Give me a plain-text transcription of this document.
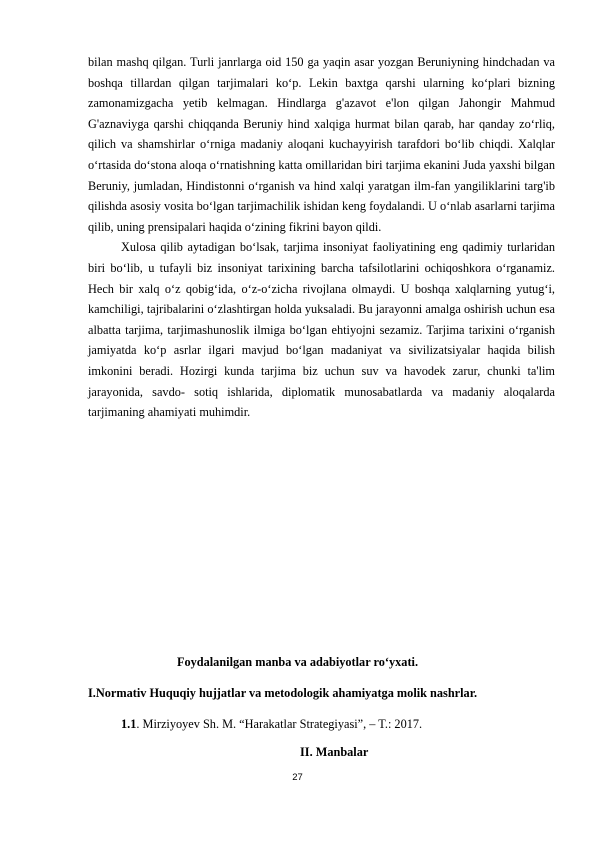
bilan mashq qilgan. Turli janrlarga oid 150 ga yaqin asar yozgan Beruniyning hindchadan va boshqa tillardan qilgan tarjimalari koʻp. Lekin baxtga qarshi ularning koʻplari bizning zamonamizgacha yetib kelmagan. Hindlarga g'azavot e'lon qilgan Jahongir Mahmud G'aznaviyga qarshi chiqqanda Beruniy hind xalqiga hurmat bilan qarab, har qanday zoʻrliq, qilich va shamshirlar oʻrniga madaniy aloqani kuchayyirish tarafdori boʻlib chiqdi. Xalqlar oʻrtasida doʻstona aloqa oʻrnatishning katta omillaridan biri tarjima ekanini Juda yaxshi bilgan Beruniy, jumladan, Hindistonni oʻrganish va hind xalqi yaratgan ilm-fan yangiliklarini targ'ib qilishda asosiy vosita boʻlgan tarjimachilik ishidan keng foydalandi. U oʻnlab asarlarni tarjima qilib, uning prensipalari haqida oʻzining fikrini bayon qildi.

Xulosa qilib aytadigan boʻlsak, tarjima insoniyat faoliyatining eng qadimiy turlaridan biri boʻlib, u tufayli biz insoniyat tarixining barcha tafsilotlarini ochiqoshkora oʻrganamiz. Hech bir xalq oʻz qobig‘ida, oʻz-oʻzicha rivojlana olmaydi. U boshqa xalqlarning yutug‘i, kamchiligi, tajribalarini oʻzlashtirgan holda yuksaladi. Bu jarayonni amalga oshirish uchun esa albatta tarjima, tarjimashunoslik ilmiga boʻlgan ehtiyojni sezamiz. Tarjima tarixini oʻrganish jamiyatda koʻp asrlar ilgari mavjud boʻlgan madaniyat va sivilizatsiyalar haqida bilish imkonini beradi. Hozirgi kunda tarjima biz uchun suv va havodek zarur, chunki ta'lim jarayonida, savdo- sotiq ishlarida, diplomatik munosabatlarda va madaniy aloqalarda tarjimaning ahamiyati muhimdir.

Foydalanilgan manba va adabiyotlar roʻyxati.
I.Normativ Huquqiy hujjatlar va metodologik ahamiyatga molik nashrlar.
1.1. Mirziyoyev Sh. M. “Harakatlar Strategiyasi”, – T.: 2017.
II. Manbalar
27
